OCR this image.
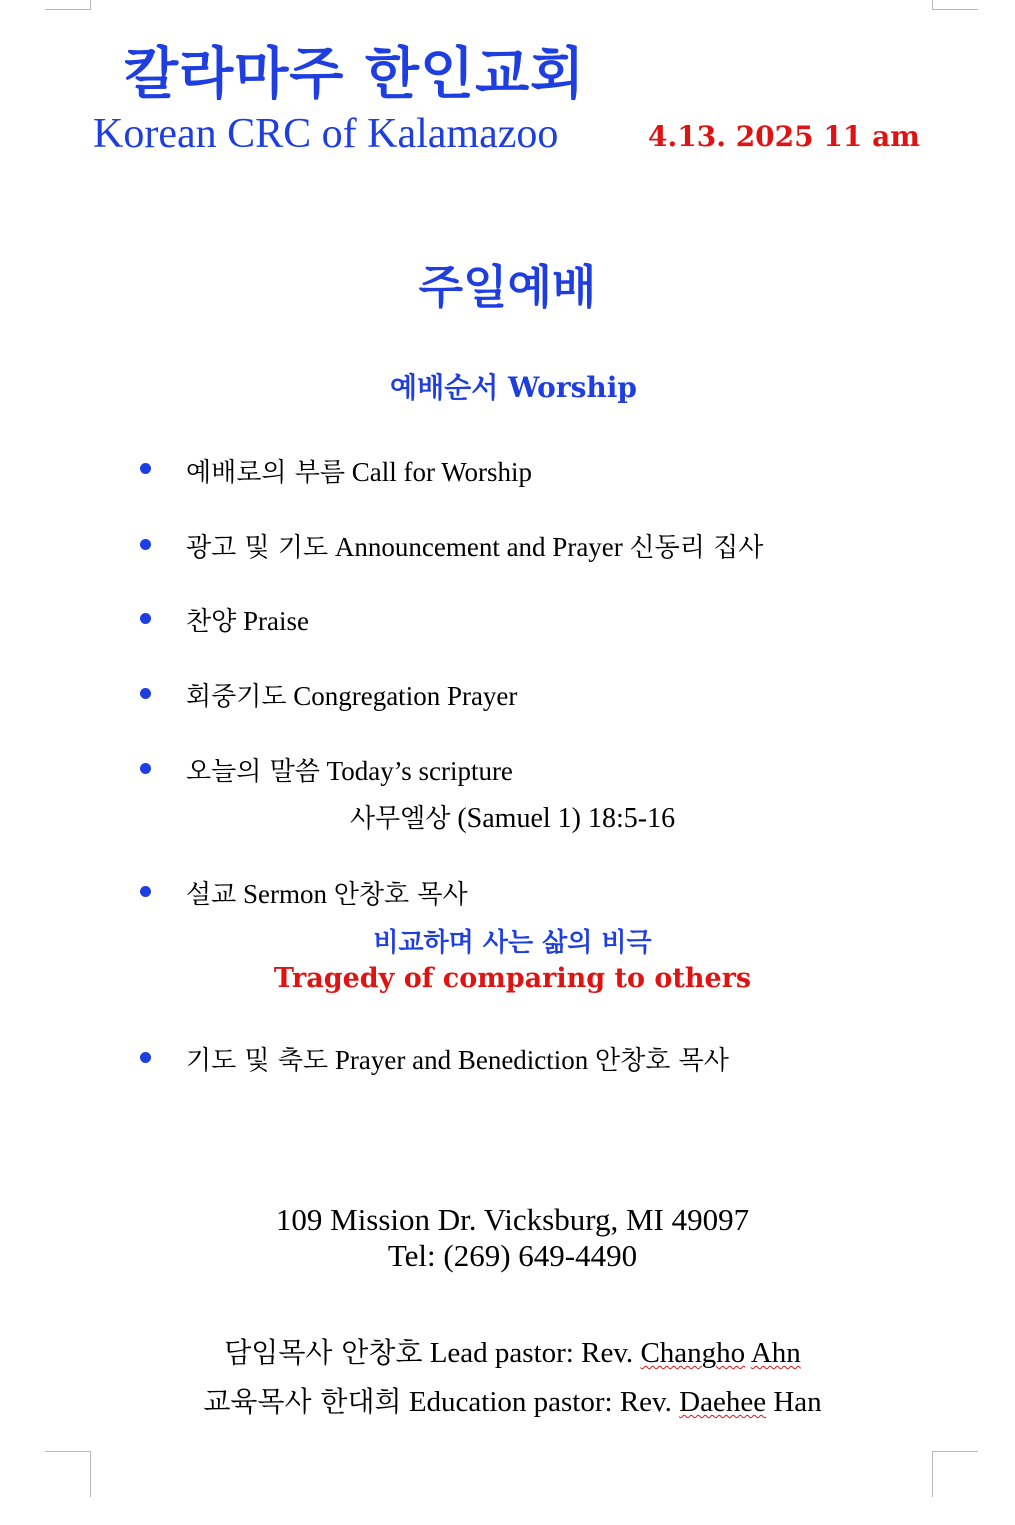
칼라마주 한인교회
Korean CRC of Kalamazoo	4.13. 2025 11 am
주일예배
예배순서 Worship
예배로의 부름 Call for Worship
광고 및 기도 Announcement and Prayer 신동리 집사
찬양 Praise
회중기도 Congregation Prayer
오늘의 말씀 Today’s scripture
사무엘상 (Samuel 1) 18:5-16
설교 Sermon 안창호 목사
비교하며 사는 삶의 비극
Tragedy of comparing to others
기도 및 축도 Prayer and Benediction 안창호 목사
109 Mission Dr. Vicksburg, MI 49097
Tel: (269) 649-4490
담임목사 안창호 Lead pastor: Rev. Changho Ahn
교육목사 한대희 Education pastor: Rev. Daehee Han
